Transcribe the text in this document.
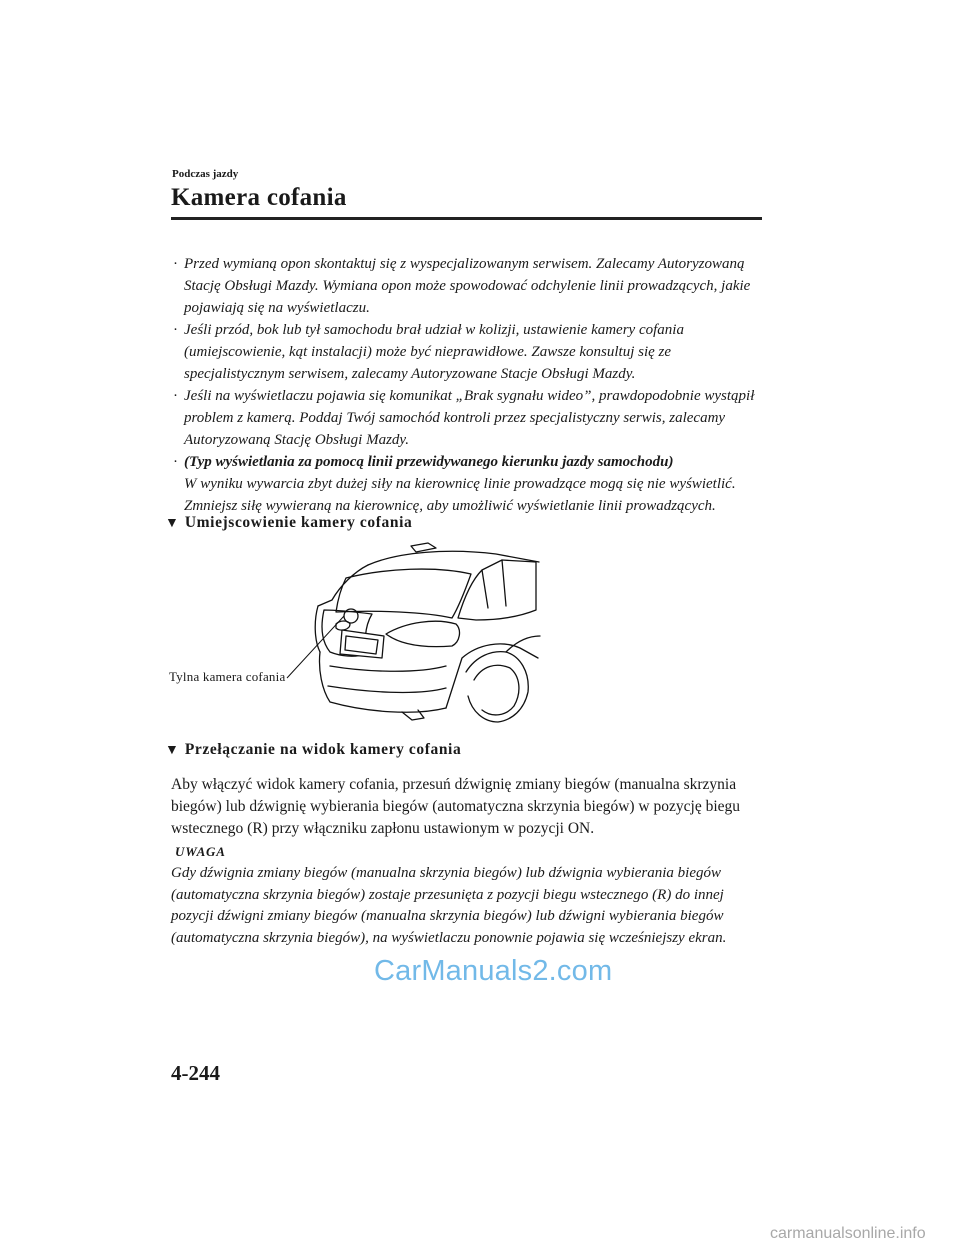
Podczas jazdy
Kamera cofania
· Przed wymianą opon skontaktuj się z wyspecjalizowanym serwisem. Zalecamy Autoryzowaną Stację Obsługi Mazdy. Wymiana opon może spowodować odchylenie linii prowadzących, jakie pojawiają się na wyświetlaczu.
· Jeśli przód, bok lub tył samochodu brał udział w kolizji, ustawienie kamery cofania (umiejscowienie, kąt instalacji) może być nieprawidłowe. Zawsze konsultuj się ze specjalistycznym serwisem, zalecamy Autoryzowane Stacje Obsługi Mazdy.
· Jeśli na wyświetlaczu pojawia się komunikat „Brak sygnału wideo”, prawdopodobnie wystąpił problem z kamerą. Poddaj Twój samochód kontroli przez specjalistyczny serwis, zalecamy Autoryzowaną Stację Obsługi Mazdy.
· (Typ wyświetlania za pomocą linii przewidywanego kierunku jazdy samochodu)
W wyniku wywarcia zbyt dużej siły na kierownicę linie prowadzące mogą się nie wyświetlić. Zmniejsz siłę wywieraną na kierownicę, aby umożliwić wyświetlanie linii prowadzących.
▼ Umiejscowienie kamery cofania
Tylna kamera cofania
▼ Przełączanie na widok kamery cofania
Aby włączyć widok kamery cofania, przesuń dźwignię zmiany biegów (manualna skrzynia biegów) lub dźwignię wybierania biegów (automatyczna skrzynia biegów) w pozycję biegu wstecznego (R) przy włączniku zapłonu ustawionym w pozycji ON.
UWAGA
Gdy dźwignia zmiany biegów (manualna skrzynia biegów) lub dźwignia wybierania biegów (automatyczna skrzynia biegów) zostaje przesunięta z pozycji biegu wstecznego (R) do innej pozycji dźwigni zmiany biegów (manualna skrzynia biegów) lub dźwigni wybierania biegów (automatyczna skrzynia biegów), na wyświetlaczu ponownie pojawia się wcześniejszy ekran.
CarManuals2.com
4-244
carmanualsonline.info
